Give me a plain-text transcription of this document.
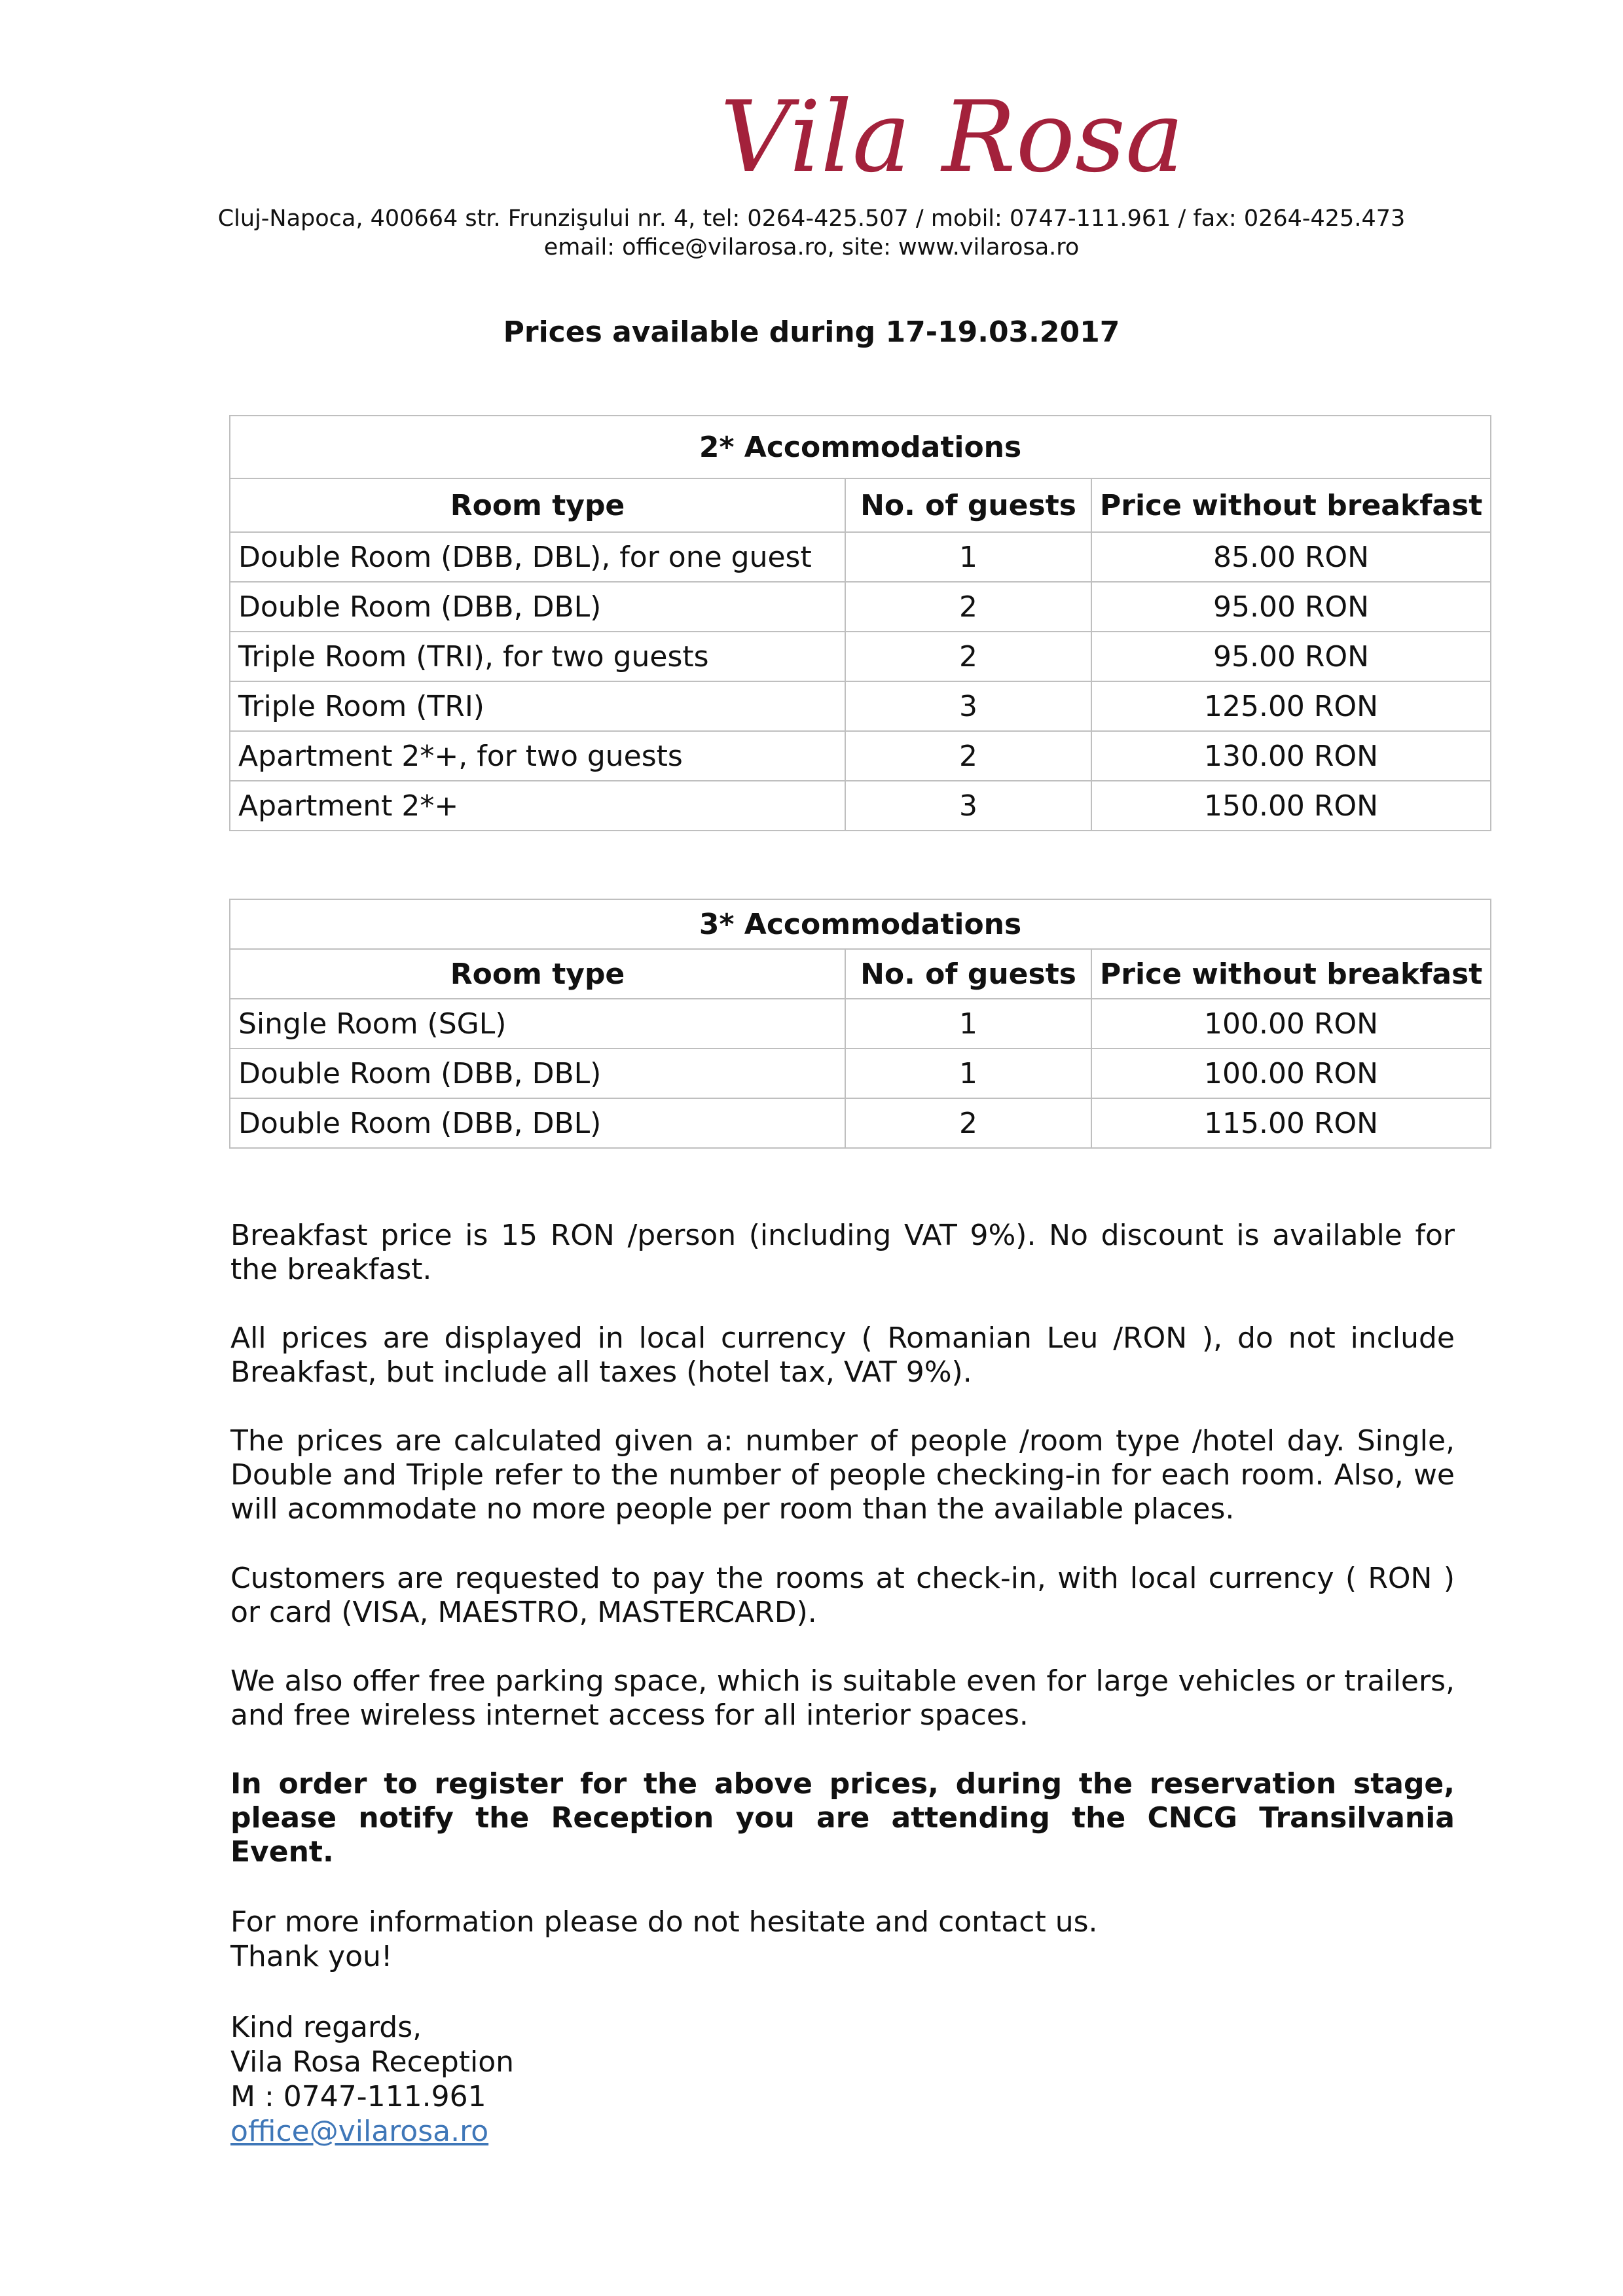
Vila Rosa
Cluj-Napoca, 400664 str. Frunzişului nr. 4, tel: 0264-425.507 / mobil: 0747-111.961 / fax: 0264-425.473
email: office@vilarosa.ro, site: www.vilarosa.ro
Prices available during 17-19.03.2017
2* Accommodations		
Room type	No. of guests	Price without breakfast
Double Room (DBB, DBL), for one guest	1	85.00 RON
Double Room (DBB, DBL)	2	95.00 RON
Triple Room (TRI), for two guests	2	95.00 RON
Triple Room (TRI)	3	125.00 RON
Apartment 2*+, for two guests	2	130.00 RON
Apartment 2*+	3	150.00 RON
3* Accommodations		
Room type	No. of guests	Price without breakfast
Single Room (SGL)	1	100.00 RON
Double Room (DBB, DBL)	1	100.00 RON
Double Room (DBB, DBL)	2	115.00 RON
Breakfast price is 15 RON /person (including VAT 9%). No discount is available for the breakfast.
All prices are displayed in local currency ( Romanian Leu /RON ), do not include Breakfast, but include all taxes (hotel tax, VAT 9%).
The prices are calculated given a: number of people /room type /hotel day. Single, Double and Triple refer to the number of people checking-in for each room. Also, we will acommodate no more people per room than the available places.
Customers are requested to pay the rooms at check-in, with local currency ( RON ) or card (VISA, MAESTRO, MASTERCARD).
We also offer free parking space, which is suitable even for large vehicles or trailers, and free wireless internet access for all interior spaces.
In order to register for the above prices, during the reservation stage, please notify the Reception you are attending the CNCG Transilvania Event.
For more information please do not hesitate and contact us.
Thank you!
Kind regards,
Vila Rosa Reception
M : 0747-111.961
office@vilarosa.ro
